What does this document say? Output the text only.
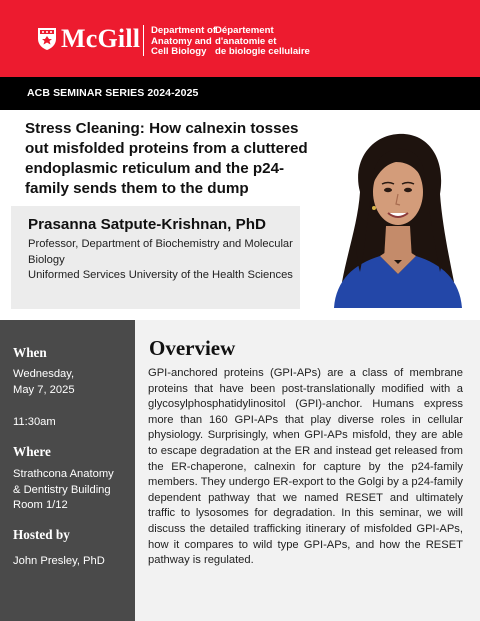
McGill Department of
Anatomy and
Cell Biology
Département
d'anatomie et
de biologie cellulaire
ACB SEMINAR SERIES 2024-2025
Stress Cleaning: How calnexin tosses out misfolded proteins from a cluttered endoplasmic reticulum and the p24-family sends them to the dump
Prasanna Satpute-Krishnan, PhD
Professor, Department of Biochemistry and Molecular Biology
Uniformed Services University of the Health Sciences
When
Wednesday,
May 7, 2025
11:30am
Where
Strathcona Anatomy
& Dentistry Building
Room 1/12
Hosted by
John Presley, PhD
Overview
GPI-anchored proteins (GPI-APs) are a class of membrane proteins that have been post-translationally modified with a glycosylphosphatidylinositol (GPI)-anchor. Humans express more than 160 GPI-APs that play diverse roles in cellular physiology. Surprisingly, when GPI-APs misfold, they are able to escape degradation at the ER and instead get released from the ER-chaperone, calnexin for capture by the p24-family members. They undergo ER-export to the Golgi by a p24-family dependent pathway that we named RESET and ultimately traffic to lysosomes for degradation. In this seminar, we will discuss the detailed trafficking itinerary of misfolded GPI-APs, how it compares to wild type GPI-APs, and how the RESET pathway is regulated.
